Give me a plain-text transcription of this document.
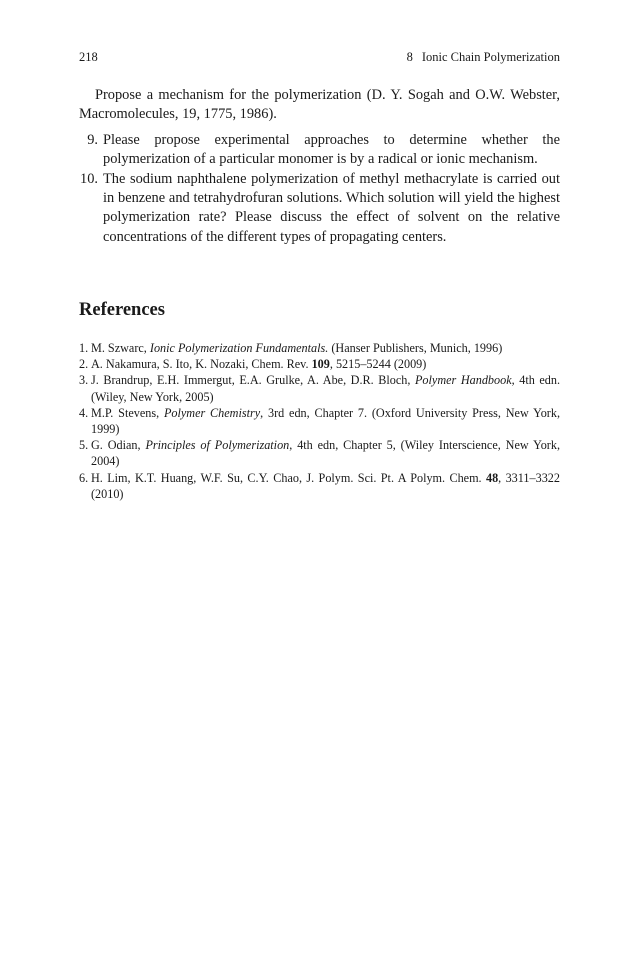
218	8 Ionic Chain Polymerization

Propose a mechanism for the polymerization (D. Y. Sogah and O.W. Webster, Macromolecules, 19, 1775, 1986).

9. Please propose experimental approaches to determine whether the polymerization of a particular monomer is by a radical or ionic mechanism.

10. The sodium naphthalene polymerization of methyl methacrylate is carried out in benzene and tetrahydrofuran solutions. Which solution will yield the highest polymerization rate? Please discuss the effect of solvent on the relative concentrations of the different types of propagating centers.

References
1. M. Szwarc, Ionic Polymerization Fundamentals. (Hanser Publishers, Munich, 1996)
2. A. Nakamura, S. Ito, K. Nozaki, Chem. Rev. 109, 5215–5244 (2009)
3. J. Brandrup, E.H. Immergut, E.A. Grulke, A. Abe, D.R. Bloch, Polymer Handbook, 4th edn. (Wiley, New York, 2005)
4. M.P. Stevens, Polymer Chemistry, 3rd edn, Chapter 7. (Oxford University Press, New York, 1999)
5. G. Odian, Principles of Polymerization, 4th edn, Chapter 5, (Wiley Interscience, New York, 2004)
6. H. Lim, K.T. Huang, W.F. Su, C.Y. Chao, J. Polym. Sci. Pt. A Polym. Chem. 48, 3311–3322 (2010)
